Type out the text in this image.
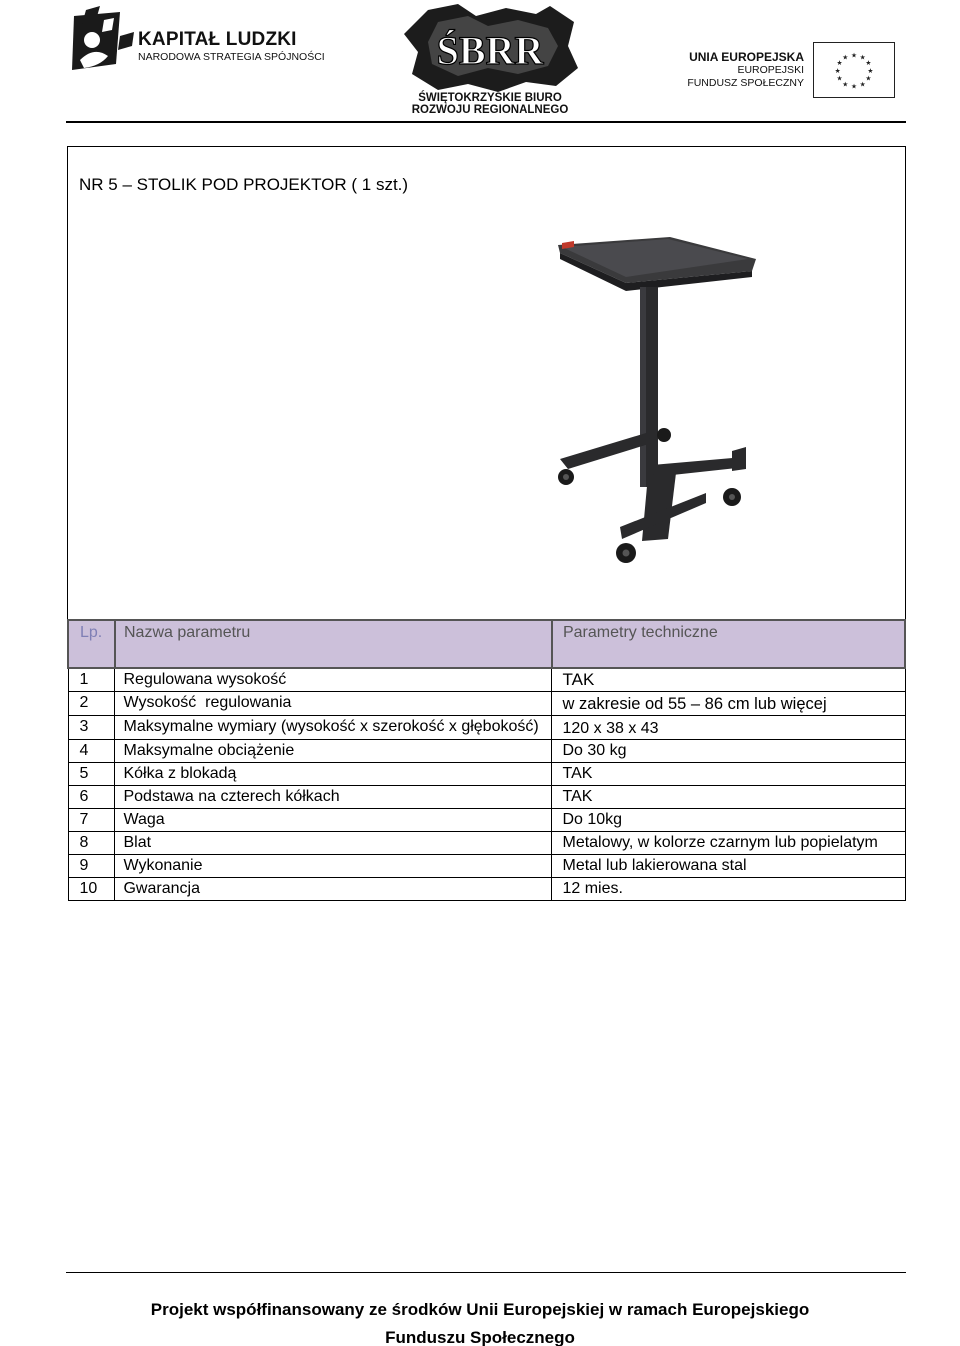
KAPITAŁ LUDZKI
NARODOWA STRATEGIA SPÓJNOŚCI	ŚBRR
ŚWIĘTOKRZYSKIE BIURO
ROZWOJU REGIONALNEGO
UNIA EUROPEJSKA
EUROPEJSKI
FUNDUSZ SPOŁECZNY
★ ★
★
★
★
★
★
★
★
★
★
★
NR 5 – STOLIK POD PROJEKTOR ( 1 szt.)
Lp.	Nazwa parametru	Parametry techniczne
1	Regulowana wysokość	TAK
2	Wysokość  regulowania	w zakresie od 55 – 86 cm lub więcej
3	Maksymalne wymiary (wysokość x szerokość x głębokość)	120 x 38 x 43
4	Maksymalne obciążenie	Do 30 kg
5	Kółka z blokadą	TAK
6	Podstawa na czterech kółkach	TAK
7	Waga	Do 10kg
8	Blat	Metalowy, w kolorze czarnym lub popielatym
9	Wykonanie	Metal lub lakierowana stal
10	Gwarancja	12 mies.
Projekt współfinansowany ze środków Unii Europejskiej w ramach Europejskiego
Funduszu Społecznego
